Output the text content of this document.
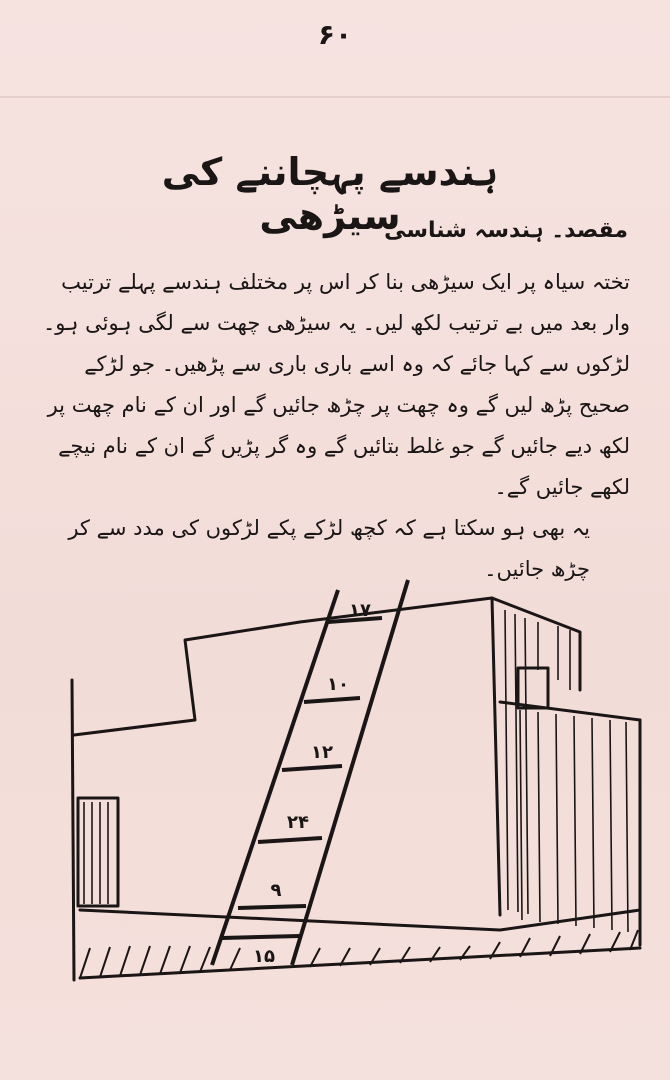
۶۰
ہندسے پہچاننے کی سیڑھی
مقصد۔ ہندسہ شناسی

تختہ سیاہ پر ایک سیڑھی بنا کر اس پر مختلف ہندسے پہلے ترتیب وار بعد میں بے ترتیب لکھ لیں۔ یہ سیڑھی چھت سے لگی ہوئی ہو۔ لڑکوں سے کہا جائے کہ وہ اسے باری باری سے پڑھیں۔ جو لڑکے صحیح پڑھ لیں گے وہ چھت پر چڑھ جائیں گے اور ان کے نام چھت پر لکھ دیے جائیں گے جو غلط بتائیں گے وہ گر پڑیں گے ان کے نام نیچے لکھے جائیں گے۔

یہ بھی ہو سکتا ہے کہ کچھ لڑکے پکے لڑکوں کی مدد سے کر چڑھ جائیں۔

۱۷
۱۰
۱۲
۲۴
۹
۱۵
